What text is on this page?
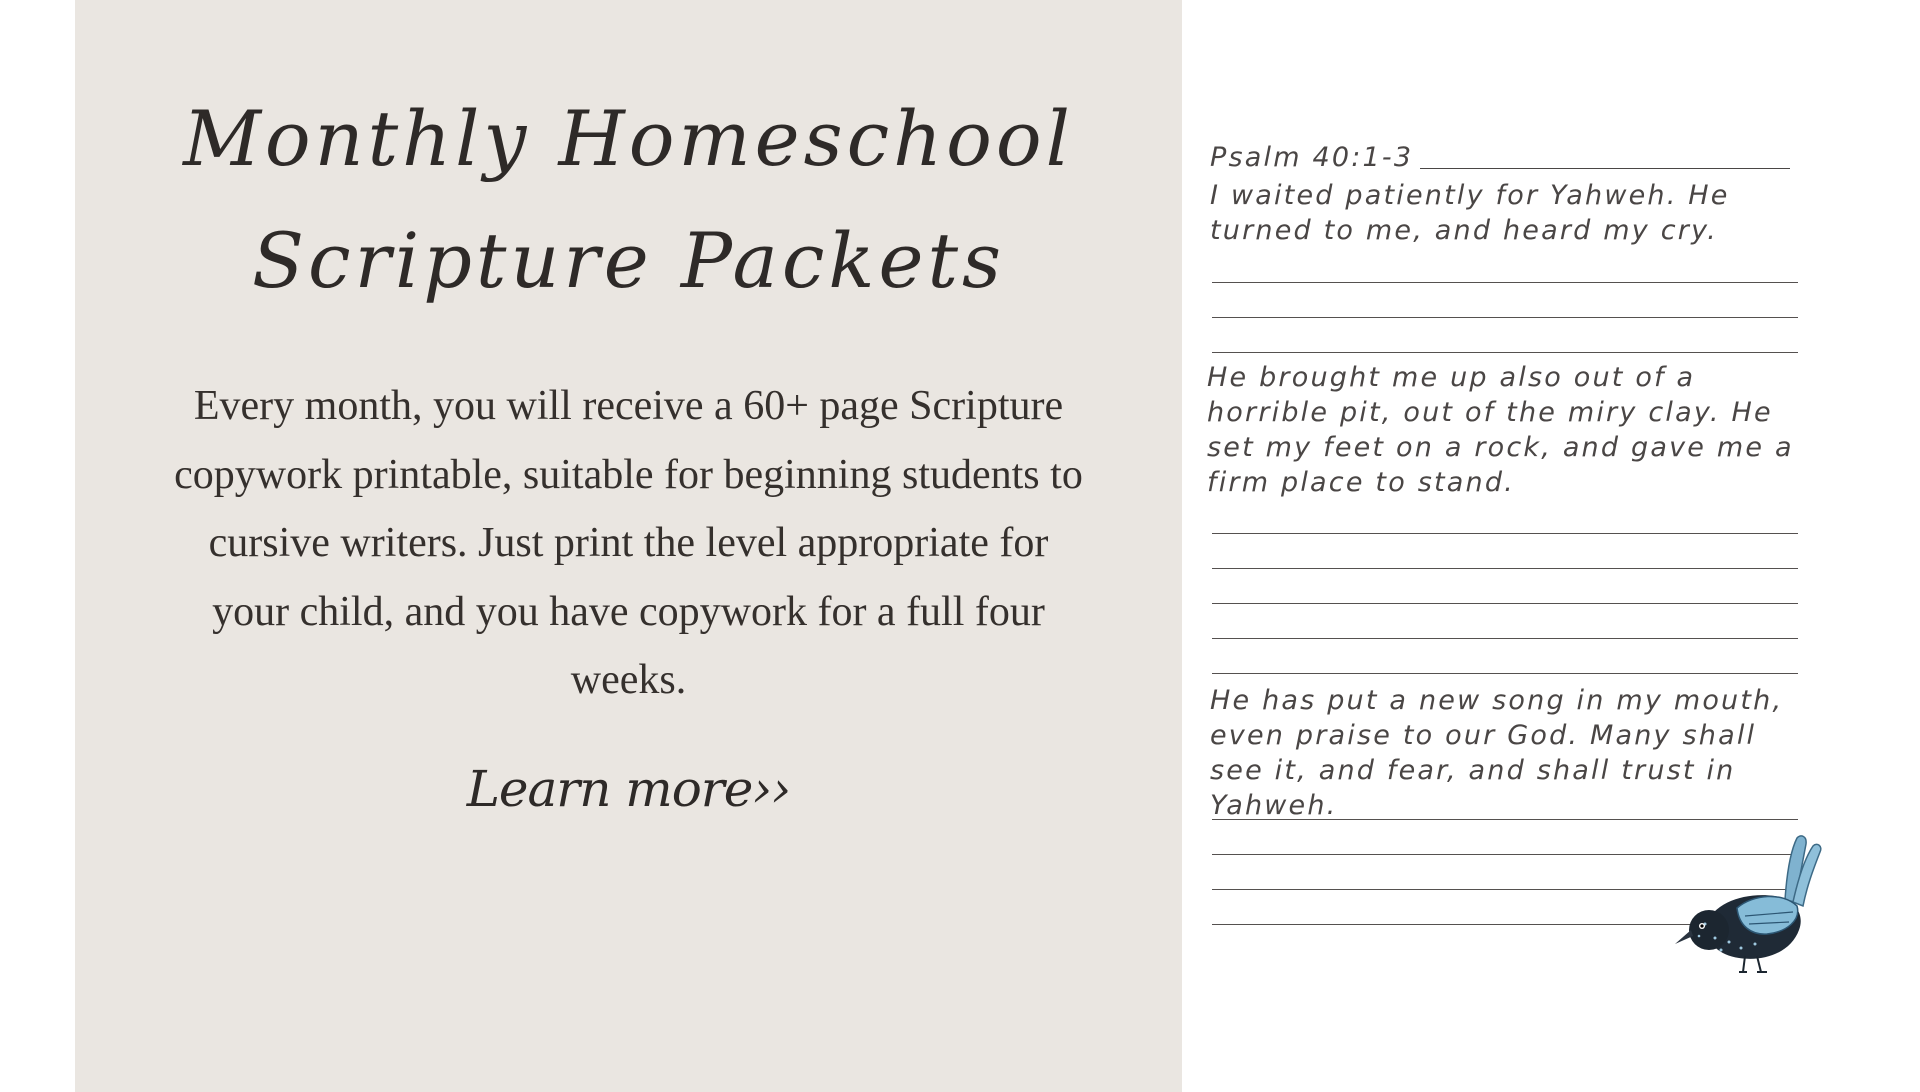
Monthly Homeschool
Scripture Packets

Every month, you will receive a 60+ page Scripture copywork printable, suitable for beginning students to cursive writers. Just print the level appropriate for your child, and you have copywork for a full four weeks.

Learn more››

Psalm 40:1-3

I waited patiently for Yahweh. He turned to me, and heard my cry.

He brought me up also out of a horrible pit, out of the miry clay. He set my feet on a rock, and gave me a firm place to stand.

He has put a new song in my mouth, even praise to our God. Many shall see it, and fear, and shall trust in Yahweh.
